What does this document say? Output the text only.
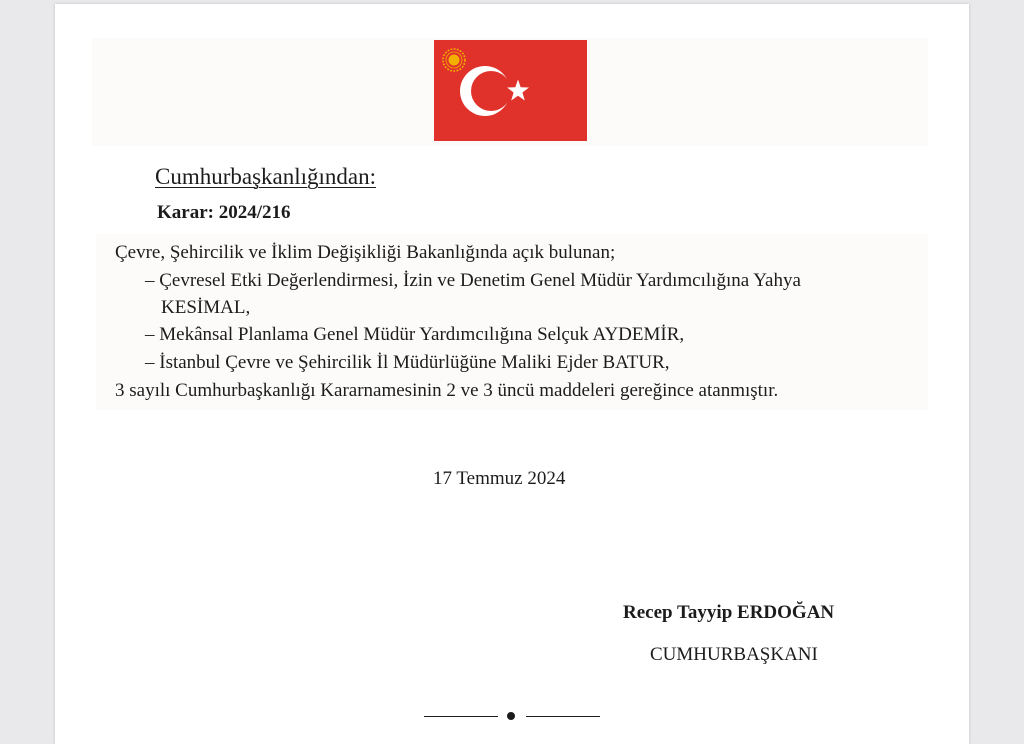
Cumhurbaşkanlığından:
Karar: 2024/216
Çevre, Şehircilik ve İklim Değişikliği Bakanlığında açık bulunan;
– Çevresel Etki Değerlendirmesi, İzin ve Denetim Genel Müdür Yardımcılığına Yahya
KESİMAL,
– Mekânsal Planlama Genel Müdür Yardımcılığına Selçuk AYDEMİR,
– İstanbul Çevre ve Şehircilik İl Müdürlüğüne Maliki Ejder BATUR,
3 sayılı Cumhurbaşkanlığı Kararnamesinin 2 ve 3 üncü maddeleri gereğince atanmıştır.
17 Temmuz 2024
Recep Tayyip ERDOĞAN
CUMHURBAŞKANI
